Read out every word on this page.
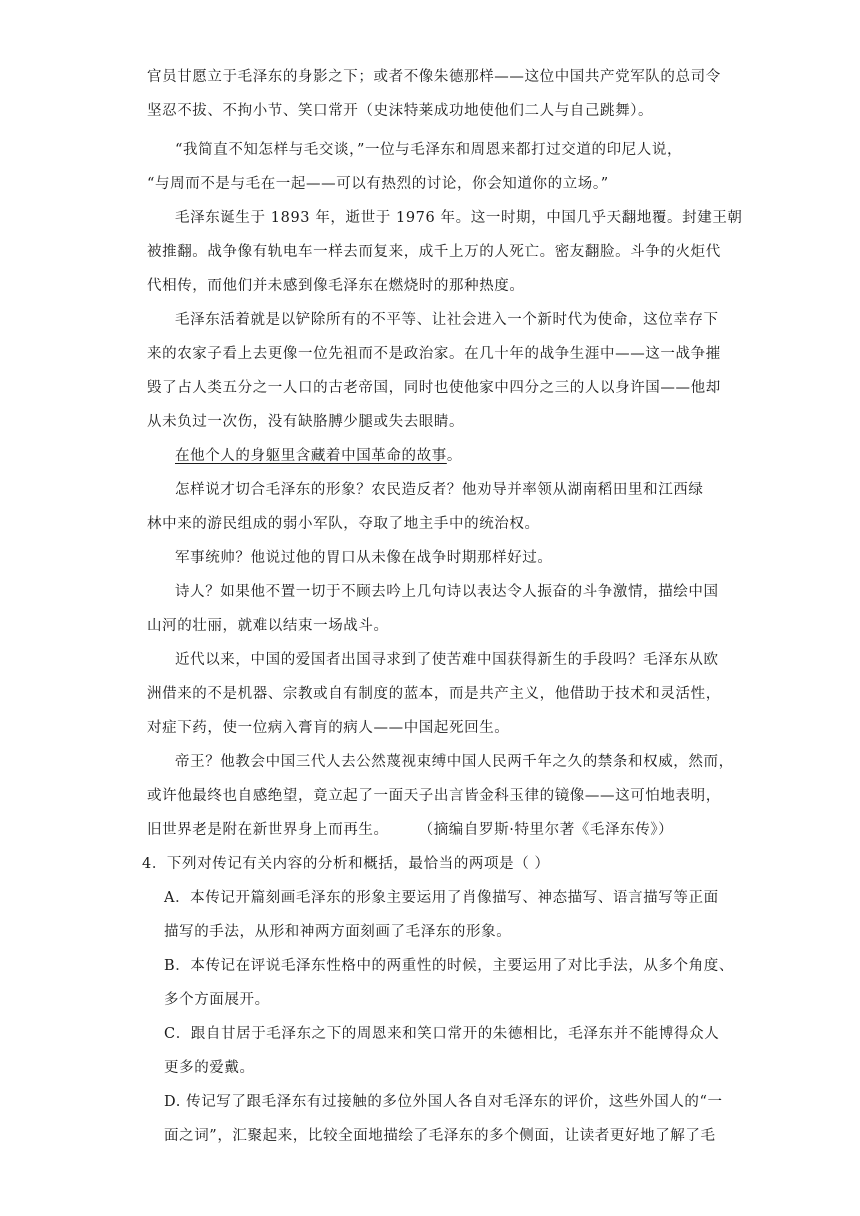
官员甘愿立于毛泽东的身影之下；或者不像朱德那样——这位中国共产党军队的总司令
坚忍不拔、不拘小节、笑口常开（史沫特莱成功地使他们二人与自己跳舞）。
“我简直不知怎样与毛交谈，”一位与毛泽东和周恩来都打过交道的印尼人说，
“与周而不是与毛在一起——可以有热烈的讨论，你会知道你的立场。”
毛泽东诞生于 1893 年，逝世于 1976 年。这一时期，中国几乎天翻地覆。封建王朝
被推翻。战争像有轨电车一样去而复来，成千上万的人死亡。密友翻脸。斗争的火炬代
代相传，而他们并未感到像毛泽东在燃烧时的那种热度。
毛泽东活着就是以铲除所有的不平等、让社会进入一个新时代为使命，这位幸存下
来的农家子看上去更像一位先祖而不是政治家。在几十年的战争生涯中——这一战争摧
毁了占人类五分之一人口的古老帝国，同时也使他家中四分之三的人以身许国——他却
从未负过一次伤，没有缺胳膊少腿或失去眼睛。
在他个人的身躯里含藏着中国革命的故事。
怎样说才切合毛泽东的形象？农民造反者？他劝导并率领从湖南稻田里和江西绿
林中来的游民组成的弱小军队，夺取了地主手中的统治权。
军事统帅？他说过他的胃口从未像在战争时期那样好过。
诗人？如果他不置一切于不顾去吟上几句诗以表达令人振奋的斗争激情，描绘中国
山河的壮丽，就难以结束一场战斗。
近代以来，中国的爱国者出国寻求到了使苦难中国获得新生的手段吗？毛泽东从欧
洲借来的不是机器、宗教或自有制度的蓝本，而是共产主义，他借助于技术和灵活性，
对症下药，使一位病入膏肓的病人——中国起死回生。
帝王？他教会中国三代人去公然蔑视束缚中国人民两千年之久的禁条和权威，然而，
或许他最终也自感绝望，竟立起了一面天子出言皆金科玉律的镜像——这可怕地表明，
旧世界老是附在新世界身上而再生。 （摘编自罗斯·特里尔著《毛泽东传》）
4．下列对传记有关内容的分析和概括，最恰当的两项是（ ）
A．本传记开篇刻画毛泽东的形象主要运用了肖像描写、神态描写、语言描写等正面
描写的手法，从形和神两方面刻画了毛泽东的形象。
B．本传记在评说毛泽东性格中的两重性的时候，主要运用了对比手法，从多个角度、
多个方面展开。
C．跟自甘居于毛泽东之下的周恩来和笑口常开的朱德相比，毛泽东并不能博得众人
更多的爱戴。
D. 传记写了跟毛泽东有过接触的多位外国人各自对毛泽东的评价，这些外国人的“一
面之词”，汇聚起来，比较全面地描绘了毛泽东的多个侧面，让读者更好地了解了毛
